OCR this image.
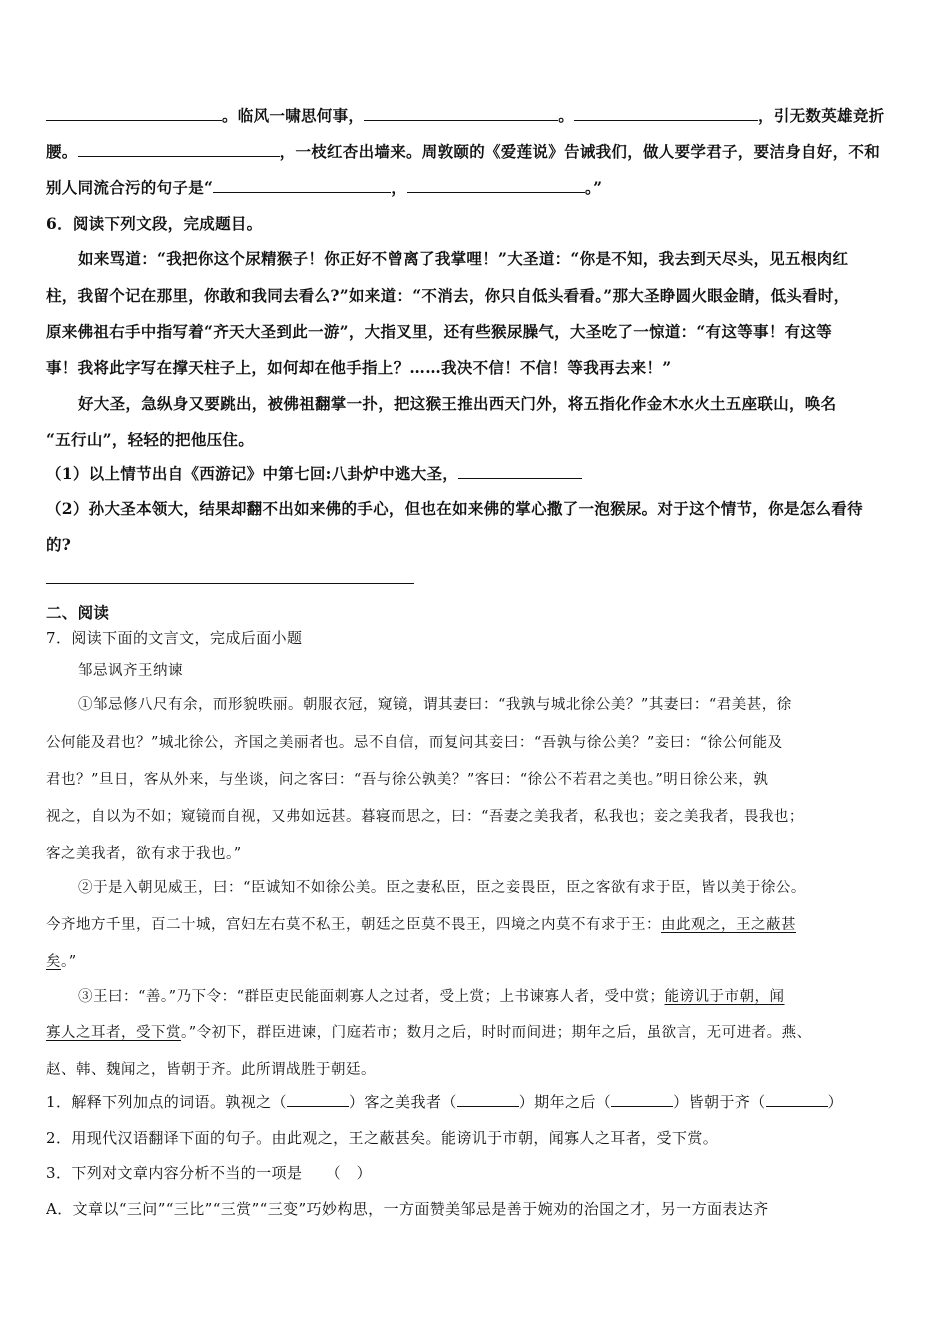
。临风一啸思何事，	。	，引无数英雄竞折
腰。	，一枝红杏出墙来。周敦颐的《爱莲说》告诫我们，做人要学君子，要洁身自好，不和
别人同流合污的句子是“	，	。”
6．阅读下列文段，完成题目。
如来骂道：“我把你这个尿精猴子！你正好不曾离了我掌哩！”大圣道：“你是不知，我去到天尽头，见五根肉红
柱，我留个记在那里，你敢和我同去看么?”如来道：“不消去，你只自低头看看。”那大圣睁圆火眼金睛，低头看时，
原来佛祖右手中指写着“齐天大圣到此一游”，大指叉里，还有些猴尿臊气，大圣吃了一惊道：“有这等事！有这等
事！我将此字写在撑天柱子上，如何却在他手指上？……我决不信！不信！等我再去来！”
好大圣，急纵身又要跳出，被佛祖翻掌一扑，把这猴王推出西天门外，将五指化作金木水火土五座联山，唤名
“五行山”，轻轻的把他压住。
（1）以上情节出自《西游记》中第七回:八卦炉中逃大圣，
（2）孙大圣本领大，结果却翻不出如来佛的手心，但也在如来佛的掌心撒了一泡猴尿。对于这个情节，你是怎么看待
的?
二、阅读
7．阅读下面的文言文，完成后面小题
邹忌讽齐王纳谏
①邹忌修八尺有余，而形貌昳丽。朝服衣冠，窥镜，谓其妻曰：“我孰与城北徐公美？”其妻曰：“君美甚，徐
公何能及君也？”城北徐公，齐国之美丽者也。忌不自信，而复问其妾曰：“吾孰与徐公美？”妾曰：“徐公何能及
君也？”旦日，客从外来，与坐谈，问之客曰：“吾与徐公孰美？”客曰：“徐公不若君之美也。”明日徐公来，孰
视之，自以为不如；窥镜而自视，又弗如远甚。暮寝而思之，曰：“吾妻之美我者，私我也；妾之美我者，畏我也；
客之美我者，欲有求于我也。”
②于是入朝见威王，曰：“臣诚知不如徐公美。臣之妻私臣，臣之妾畏臣，臣之客欲有求于臣，皆以美于徐公。
今齐地方千里，百二十城，宫妇左右莫不私王，朝廷之臣莫不畏王，四境之内莫不有求于王：由此观之，王之蔽甚
矣。”
③王曰：“善。”乃下令：“群臣吏民能面刺寡人之过者，受上赏；上书谏寡人者，受中赏；能谤讥于市朝，闻
寡人之耳者，受下赏。”令初下，群臣进谏，门庭若市；数月之后，时时而间进；期年之后，虽欲言，无可进者。燕、
赵、韩、魏闻之，皆朝于齐。此所谓战胜于朝廷。
1．解释下列加点的词语。孰视之（	）客之美我者（	）期年之后（	）皆朝于齐（	）
2．用现代汉语翻译下面的句子。由此观之，王之蔽甚矣。能谤讥于市朝，闻寡人之耳者，受下赏。
3．下列对文章内容分析不当的一项是　　（　）
A．文章以“三问”“三比”“三赏”“三变”巧妙构思，一方面赞美邹忌是善于婉劝的治国之才，另一方面表达齐
